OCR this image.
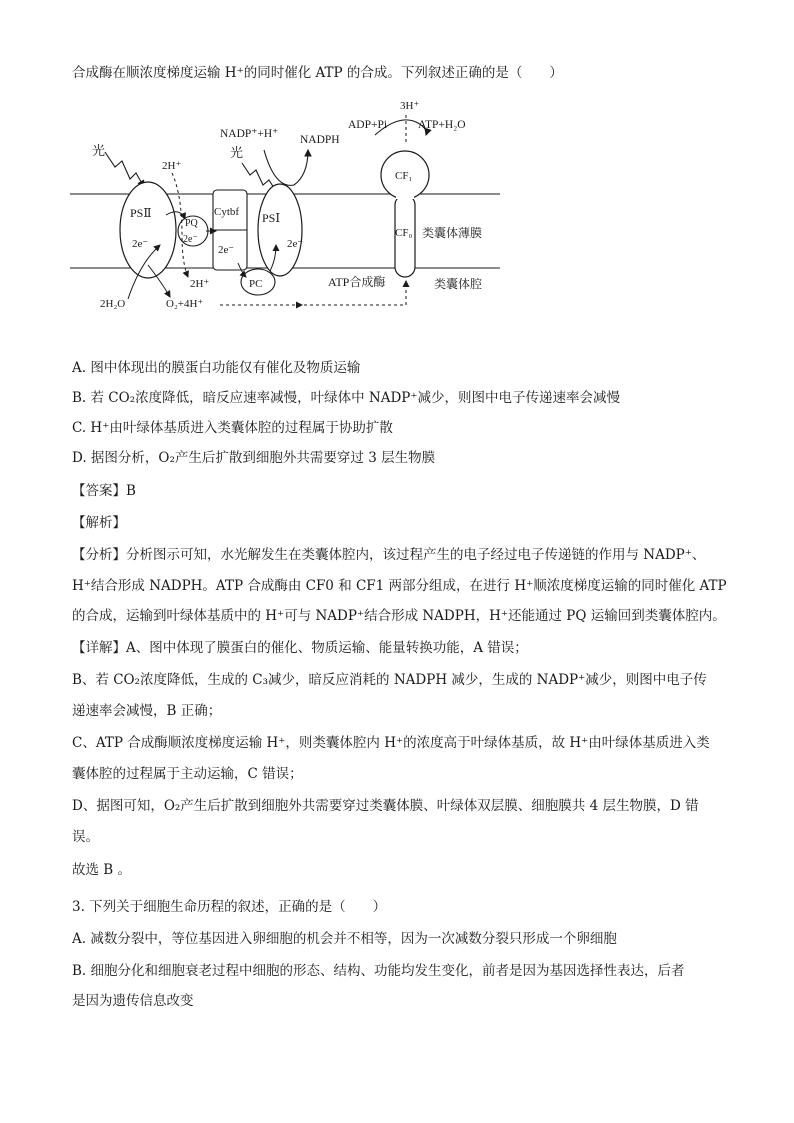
合成酶在顺浓度梯度运输 H⁺的同时催化 ATP 的合成。下列叙述正确的是（　　）
光
PSⅡ
2e⁻
PQ
2e⁻
Cytbf
2e⁻
光
PSⅠ
2e⁻
PC
2H⁺
2H⁺
2H₂O	O₂+4H⁺
NADP⁺+H⁺ NADPH
CF₁
CF₀
ADP+Pi	ATP+H₂O
3H⁺
ATP合成酶
类囊体薄膜
类囊体腔
A. 图中体现出的膜蛋白功能仅有催化及物质运输
B. 若 CO₂浓度降低，暗反应速率减慢，叶绿体中 NADP⁺减少，则图中电子传递速率会减慢
C. H⁺由叶绿体基质进入类囊体腔的过程属于协助扩散
D. 据图分析，O₂产生后扩散到细胞外共需要穿过 3 层生物膜
【答案】B
【解析】
【分析】分析图示可知，水光解发生在类囊体腔内，该过程产生的电子经过电子传递链的作用与 NADP⁺、
H⁺结合形成 NADPH。ATP 合成酶由 CF0 和 CF1 两部分组成，在进行 H⁺顺浓度梯度运输的同时催化 ATP
的合成，运输到叶绿体基质中的 H⁺可与 NADP⁺结合形成 NADPH，H⁺还能通过 PQ 运输回到类囊体腔内。
【详解】A、图中体现了膜蛋白的催化、物质运输、能量转换功能，A 错误；
B、若 CO₂浓度降低，生成的 C₃减少，暗反应消耗的 NADPH 减少，生成的 NADP⁺减少，则图中电子传
递速率会减慢，B 正确；
C、ATP 合成酶顺浓度梯度运输 H⁺，则类囊体腔内 H⁺的浓度高于叶绿体基质，故 H⁺由叶绿体基质进入类
囊体腔的过程属于主动运输，C 错误；
D、据图可知，O₂产生后扩散到细胞外共需要穿过类囊体膜、叶绿体双层膜、细胞膜共 4 层生物膜，D 错
误。
故选 B 。
3. 下列关于细胞生命历程的叙述，正确的是（　　）
A. 减数分裂中，等位基因进入卵细胞的机会并不相等，因为一次减数分裂只形成一个卵细胞
B. 细胞分化和细胞衰老过程中细胞的形态、结构、功能均发生变化，前者是因为基因选择性表达，后者
是因为遗传信息改变
